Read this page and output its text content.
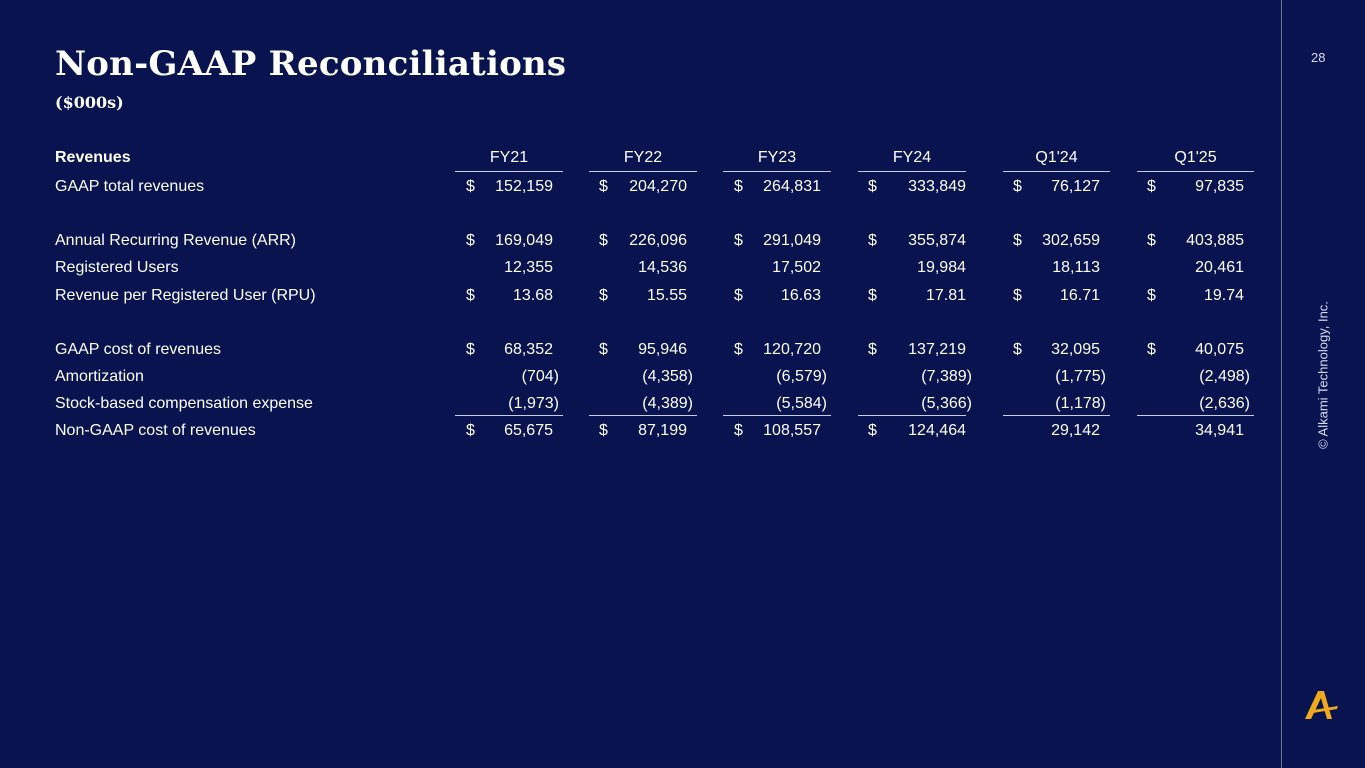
Non-GAAP Reconciliations
($000s)
28
© Alkami Technology, Inc.
Revenues	FY21	FY22	FY23	FY24	Q1'24	Q1'25
GAAP total revenues	$	152,159	$	204,270	$	264,831	$	333,849	$	76,127	$	97,835
Annual Recurring Revenue (ARR)	$	169,049	$	226,096	$	291,049	$	355,874	$	302,659	$	403,885
Registered Users	12,355	14,536	17,502	19,984	18,113	20,461
Revenue per Registered User (RPU)	$	13.68	$	15.55	$	16.63	$	17.81	$	16.71	$	19.74
GAAP cost of revenues	$	68,352	$	95,946	$	120,720	$	137,219	$	32,095	$	40,075
Amortization	(704)	(4,358)	(6,579)	(7,389)	(1,775)	(2,498)
Stock-based compensation expense	(1,973)	(4,389)	(5,584)	(5,366)	(1,178)	(2,636)
Non-GAAP cost of revenues	$	65,675	$	87,199	$	108,557	$	124,464	29,142	34,941
